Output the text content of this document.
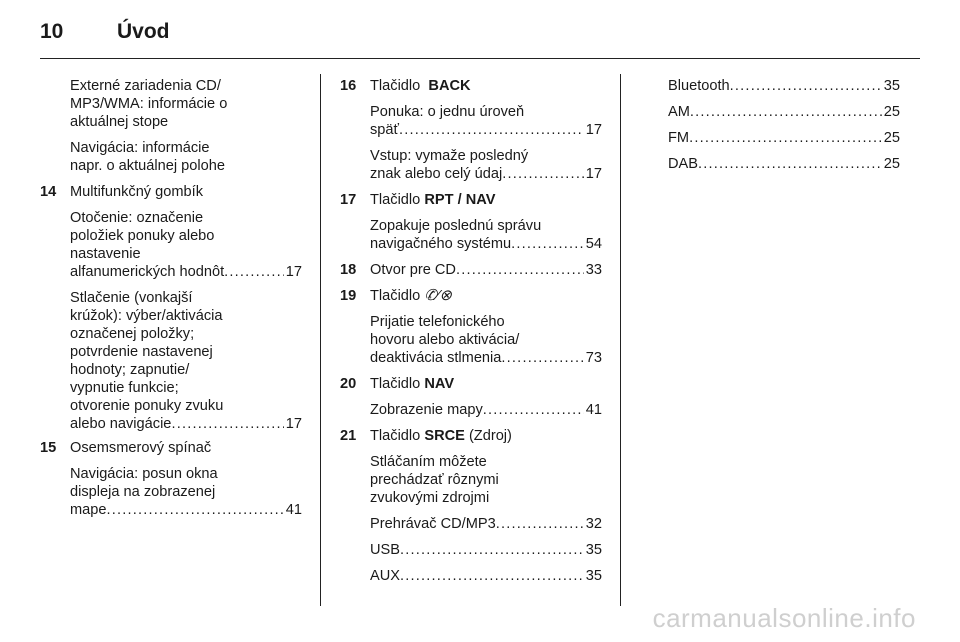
10	Úvod
Externé zariadenia CD/
MP3/WMA: informácie o
aktuálnej stope
Navigácia: informácie
napr. o aktuálnej polohe
14 Multifunkčný gombík
Otočenie: označenie
položiek ponuky alebo
nastavenie
alfanumerických hodnôt .....	17
Stlačenie (vonkajší
krúžok): výber/aktivácia
označenej položky;
potvrdenie nastavenej
hodnoty; zapnutie/
vypnutie funkcie;
otvorenie ponuky zvuku
alebo navigácie .....	17
15 Osemsmerový spínač
Navigácia: posun okna
displeja na zobrazenej
mape .....	41
16 Tlačidlo  BACK
Ponuka: o jednu úroveň
späť .....	17
Vstup: vymaže posledný
znak alebo celý údaj .....	17
17 Tlačidlo RPT / NAV
Zopakuje poslednú správu
navigačného systému .....	54
18 Otvor pre CD .....	33
19 Tlačidlo ✆⁄⊗
Prijatie telefonického
hovoru alebo aktivácia/
deaktivácia stlmenia .....	73
20 Tlačidlo NAV
Zobrazenie mapy .....	41
21 Tlačidlo SRCE (Zdroj)
Stláčaním môžete
prechádzať rôznymi
zvukovými zdrojmi
Prehrávač CD/MP3 .....	32
USB .....	35
AUX .....	35
Bluetooth .....	35
AM .....	25
FM .....	25
DAB .....	25
carmanualsonline.info
